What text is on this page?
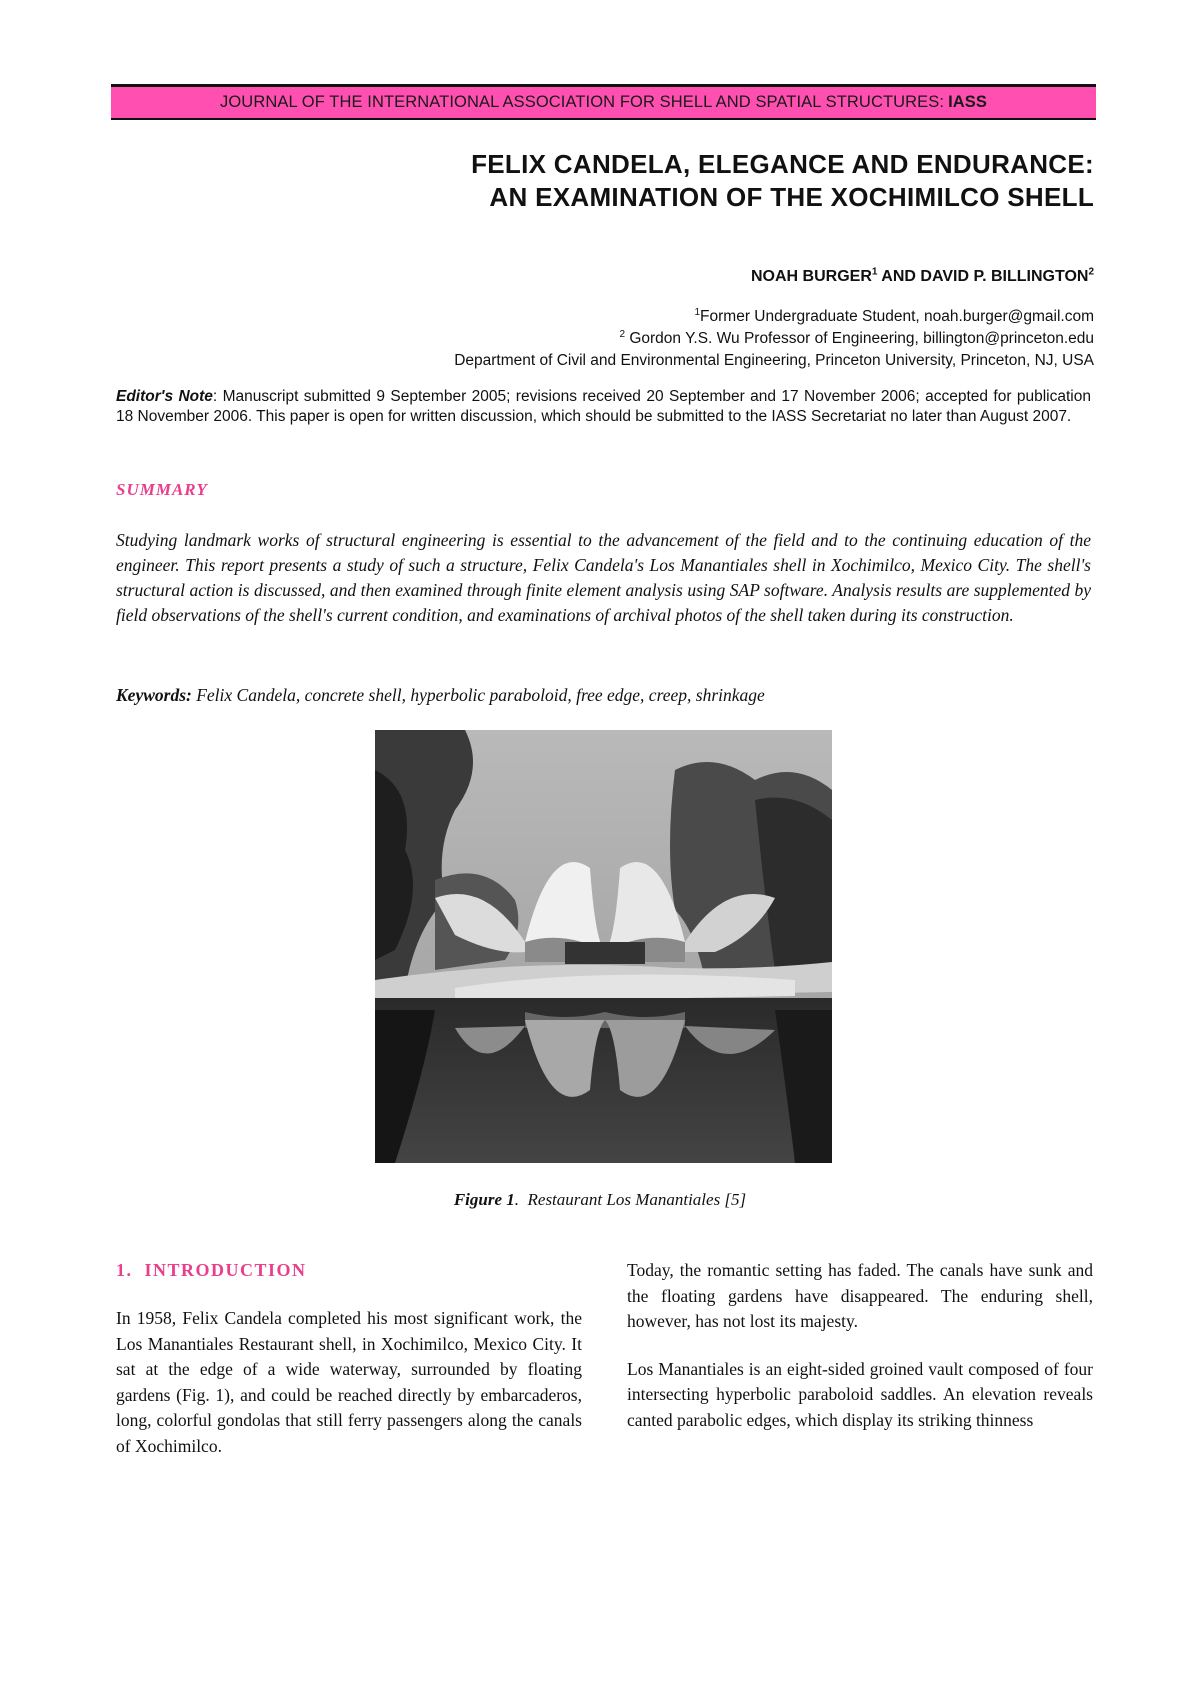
JOURNAL OF THE INTERNATIONAL ASSOCIATION FOR SHELL AND SPATIAL STRUCTURES: IASS
FELIX CANDELA, ELEGANCE AND ENDURANCE:
AN EXAMINATION OF THE XOCHIMILCO SHELL
NOAH BURGER$^1$ AND DAVID P. BILLINGTON$^2$
$^1$Former Undergraduate Student, noah.burger@gmail.com
$^2$ Gordon Y.S. Wu Professor of Engineering, billington@princeton.edu
Department of Civil and Environmental Engineering, Princeton University, Princeton, NJ, USA
Editor's Note: Manuscript submitted 9 September 2005; revisions received 20 September and 17 November 2006; accepted for publication 18 November 2006. This paper is open for written discussion, which should be submitted to the IASS Secretariat no later than August 2007.
SUMMARY
Studying landmark works of structural engineering is essential to the advancement of the field and to the continuing education of the engineer. This report presents a study of such a structure, Felix Candela's Los Manantiales shell in Xochimilco, Mexico City. The shell's structural action is discussed, and then examined through finite element analysis using SAP software. Analysis results are supplemented by field observations of the shell's current condition, and examinations of archival photos of the shell taken during its construction.
Keywords: Felix Candela, concrete shell, hyperbolic paraboloid, free edge, creep, shrinkage
Figure 1.  Restaurant Los Manantiales [5]
1.  INTRODUCTION

In 1958, Felix Candela completed his most significant work, the Los Manantiales Restaurant shell, in Xochimilco, Mexico City. It sat at the edge of a wide waterway, surrounded by floating gardens (Fig. 1), and could be reached directly by embarcaderos, long, colorful gondolas that still ferry passengers along the canals of Xochimilco.

Today, the romantic setting has faded. The canals have sunk and the floating gardens have disappeared. The enduring shell, however, has not lost its majesty.

Los Manantiales is an eight-sided groined vault composed of four intersecting hyperbolic paraboloid saddles. An elevation reveals canted parabolic edges, which display its striking thinness
